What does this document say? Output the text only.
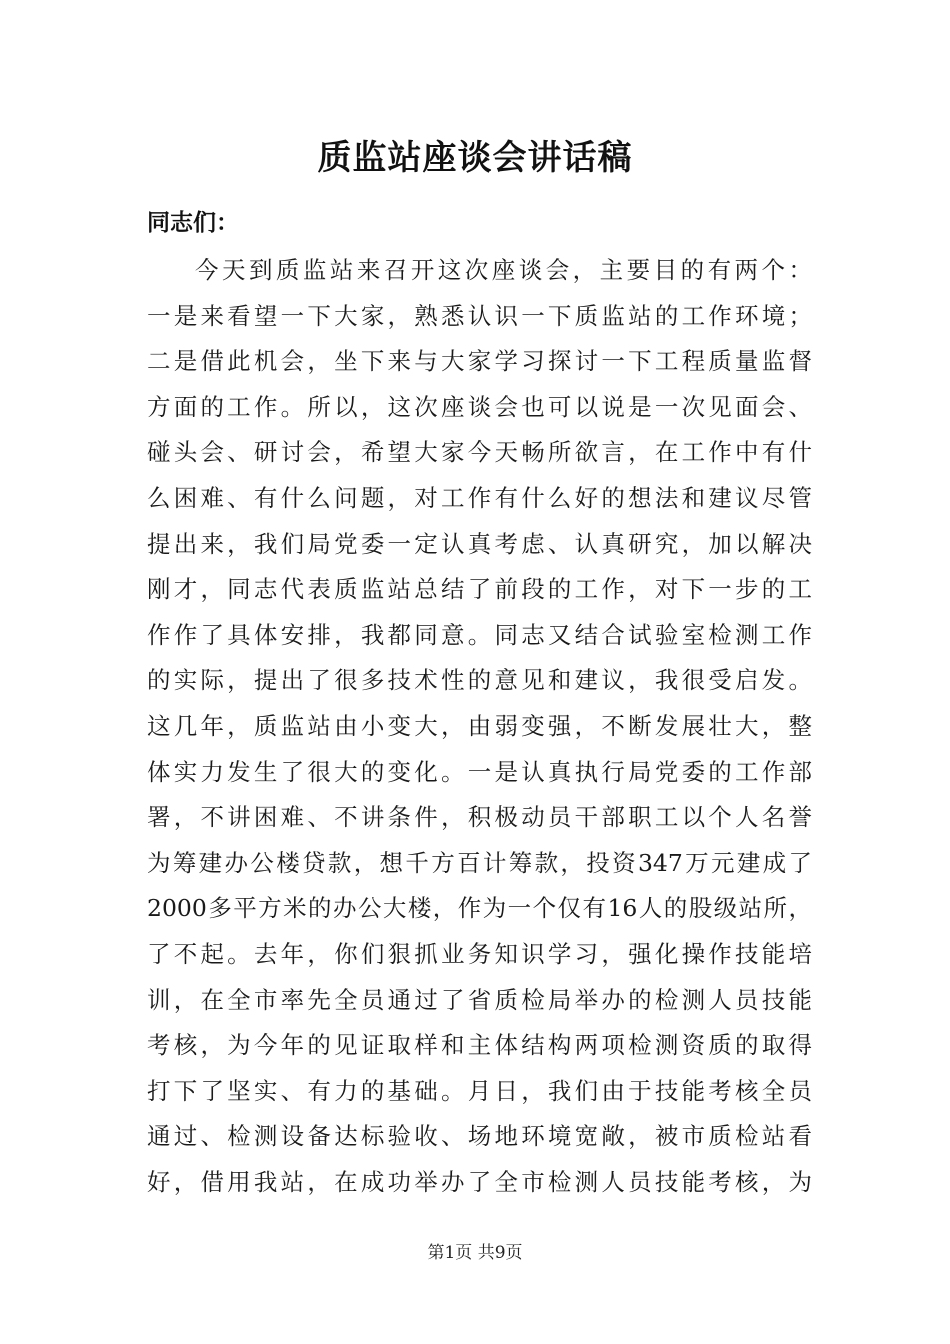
质监站座谈会讲话稿
同志们：
今天到质监站来召开这次座谈会，主要目的有两个：
一是来看望一下大家，熟悉认识一下质监站的工作环境；
二是借此机会，坐下来与大家学习探讨一下工程质量监督
方面的工作。所以，这次座谈会也可以说是一次见面会、
碰头会、研讨会，希望大家今天畅所欲言，在工作中有什
么困难、有什么问题，对工作有什么好的想法和建议尽管
提出来，我们局党委一定认真考虑、认真研究，加以解决
刚才，同志代表质监站总结了前段的工作，对下一步的工
作作了具体安排，我都同意。同志又结合试验室检测工作
的实际，提出了很多技术性的意见和建议，我很受启发。
这几年，质监站由小变大，由弱变强，不断发展壮大，整
体实力发生了很大的变化。一是认真执行局党委的工作部
署，不讲困难、不讲条件，积极动员干部职工以个人名誉
为筹建办公楼贷款，想千方百计筹款，投资347万元建成了
2000多平方米的办公大楼，作为一个仅有16人的股级站所，
了不起。去年，你们狠抓业务知识学习，强化操作技能培
训，在全市率先全员通过了省质检局举办的检测人员技能
考核，为今年的见证取样和主体结构两项检测资质的取得
打下了坚实、有力的基础。月日，我们由于技能考核全员
通过、检测设备达标验收、场地环境宽敞，被市质检站看
好，借用我站，在成功举办了全市检测人员技能考核，为
第1页 共9页
